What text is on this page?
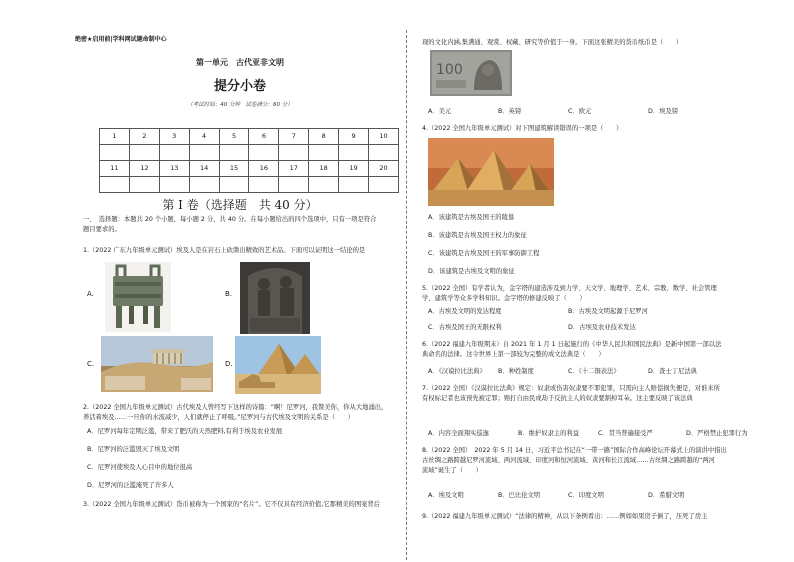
绝密★启用前|学科网试题命制中心
第一单元　古代亚非文明
提分小卷
（考试时间：40 分钟　试卷满分：60 分）
1	2	3	4	5	6	7	8	9	10

11	12	13	14	15	16	17	18	19	20

第 I 卷（选择题　共 40 分）
一、　选择题：本题共 20 个小题，每小题 2 分，共 40 分。在每小题给出的四个选项中，只有一项是符合
题目要求的。
1.（2022 广东九年级单元测试）埃及人是在岩石上砍凿出精致的艺术品。下面可以证明这一结论的是
A.	B.
C.	D.
2.（2022 全国九年级单元测试）古代埃及人曾经写下这样的诗篇：“啊！尼罗河，我赞美你，你从大地涌出，
养活着埃及……一旦你的水流减少，人们就停止了呼吸。”尼罗河与古代埃及文明的关系是（　　）
A．尼罗河每年定期泛滥，带来了肥沃的天然肥料,有利于埃及农业发展
B．尼罗河的泛滥毁灭了埃及文明
C．尼罗河使埃及人心目中的地位很高
D．尼罗河的泛滥淹死了许多人
3.（2022 全国九年级单元测试）货币被称为一个国家的“名片”。它不仅具有经济价值,它那精美的图案背后
现的文化内涵,集满通、观赏、权藏、研究等价值于一身。下面这张精美的货币纸币是（　　）
100
A．美元	B．英镑	C．欧元	D．埃及镑
4.（2022 全国九年级单元测试）对下图建筑解读错误的一项是（　　）
A．该建筑是古埃及国王的陵墓
B．该建筑是古埃及国王权力的象征
C．该建筑是古埃及国王的军事防御工程
D．该建筑是古埃及文明的象征
5.（2022 全国）有学者认为，金字塔的建造涉及到力学、天文学、地理学、艺术、宗教、数学、社会管理
学、建筑学等众多学科知识。金字塔的修建反映了（　　）
A．古埃及文明的发达程度	B．古埃及文明起源于尼罗河
C．古埃及国王的无限权利	D．古埃及农业技术发达
6.（2022 福建九年级期末）自 2021 年 1 月 1 日起施行的《中华人民共和国民法典》是新中国第一部以法
典命名的法律。这令世界上第一部较为完整的成文法典是（　　）
A．《汉谟拉比法典》 B．种姓制度	C．《十二铜表法》	D．查士丁尼法典
7.（2022 全国）《汉谟拉比法典》规定：奴隶或伤害奴隶要不罪犯罪，只需向主人赔偿损失便是，对谁来所
有权标记者也该预先被定罪；赔打自由民或劫于反抗主人的奴隶要割掉耳朵。这主要反映了该法典
A．内容全面翔实巡逸	B．维护奴隶主的利益	C．贯当普遍接受严	D．严格禁止犯罪行为
8.（2022 全国）　2022 年 5 月 14 日，习近平总书记在“一带一路”国际合作高峰论坛开幕式上的演讲中指出
古丝绸之路跨越尼罗河流域、两河流域、印度河和恒河流域、黄河和长江流域……古丝绸之路跨越的“两河
流域”诞生了（　　）
A．埃及文明	B．巴比伦文明	C．印度文明	D．希腊文明
9.（2022 福建九年级单元测试）“法律的精神，从以下条例看出：……例如如果房子倒了，压死了房主
